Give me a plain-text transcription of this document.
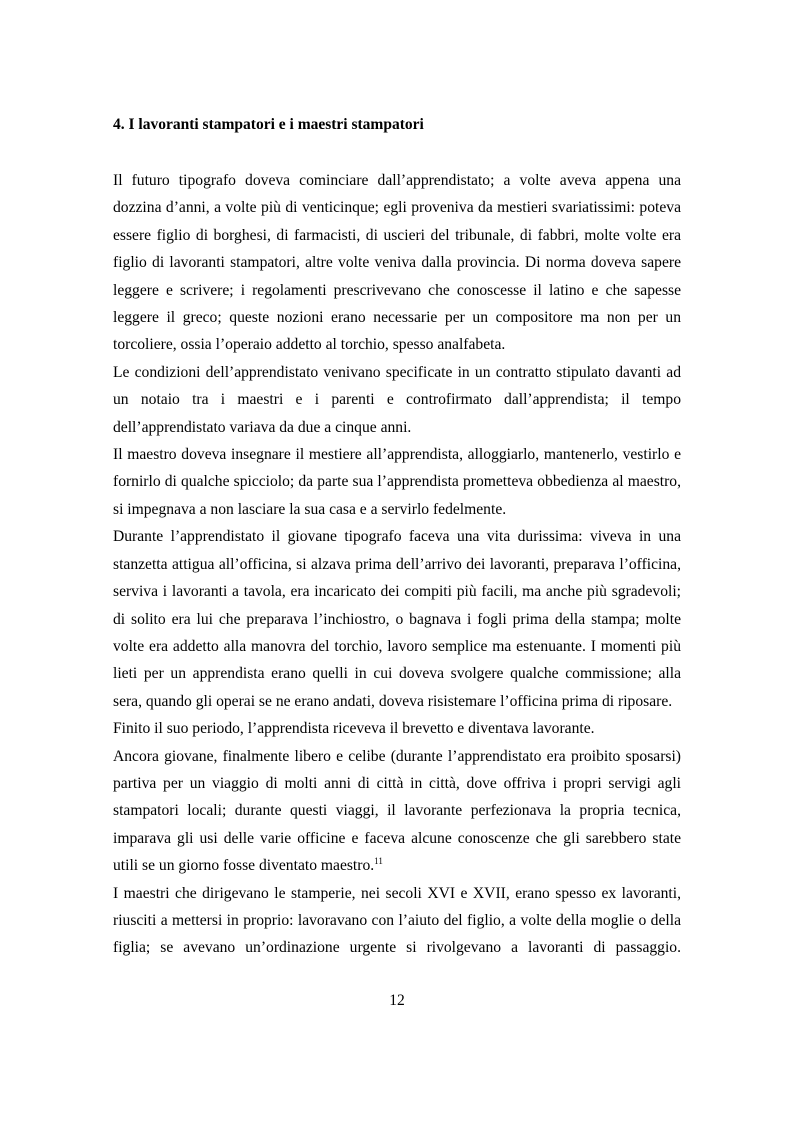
4. I lavoranti stampatori e i maestri stampatori

Il futuro tipografo doveva cominciare dall’apprendistato; a volte aveva appena una dozzina d’anni, a volte più di venticinque; egli proveniva da mestieri svariatissimi: poteva essere figlio di borghesi, di farmacisti, di uscieri del tribunale, di fabbri, molte volte era figlio di lavoranti stampatori, altre volte veniva dalla provincia. Di norma doveva sapere leggere e scrivere; i regolamenti prescrivevano che conoscesse il latino e che sapesse leggere il greco; queste nozioni erano necessarie per un compositore ma non per un torcoliere, ossia l’operaio addetto al torchio, spesso analfabeta.

Le condizioni dell’apprendistato venivano specificate in un contratto stipulato davanti ad un notaio tra i maestri e i parenti e controfirmato dall’apprendista; il tempo dell’apprendistato variava da due a cinque anni.

Il maestro doveva insegnare il mestiere all’apprendista, alloggiarlo, mantenerlo, vestirlo e fornirlo di qualche spicciolo; da parte sua l’apprendista prometteva obbedienza al maestro, si impegnava a non lasciare la sua casa e a servirlo fedelmente.

Durante l’apprendistato il giovane tipografo faceva una vita durissima: viveva in una stanzetta attigua all’officina, si alzava prima dell’arrivo dei lavoranti, preparava l’officina, serviva i lavoranti a tavola, era incaricato dei compiti più facili, ma anche più sgradevoli; di solito era lui che preparava l’inchiostro, o bagnava i fogli prima della stampa; molte volte era addetto alla manovra del torchio, lavoro semplice ma estenuante. I momenti più lieti per un apprendista erano quelli in cui doveva svolgere qualche commissione; alla sera, quando gli operai se ne erano andati, doveva risistemare l’officina prima di riposare.

Finito il suo periodo, l’apprendista riceveva il brevetto e diventava lavorante.

Ancora giovane, finalmente libero e celibe (durante l’apprendistato era proibito sposarsi) partiva per un viaggio di molti anni di città in città, dove offriva i propri servigi agli stampatori locali; durante questi viaggi, il lavorante perfezionava la propria tecnica, imparava gli usi delle varie officine e faceva alcune conoscenze che gli sarebbero state utili se un giorno fosse diventato maestro.$^{11}$

I maestri che dirigevano le stamperie, nei secoli XVI e XVII, erano spesso ex lavoranti, riusciti a mettersi in proprio: lavoravano con l’aiuto del figlio, a volte della moglie o della figlia; se avevano un’ordinazione urgente si rivolgevano a lavoranti di passaggio.

12
